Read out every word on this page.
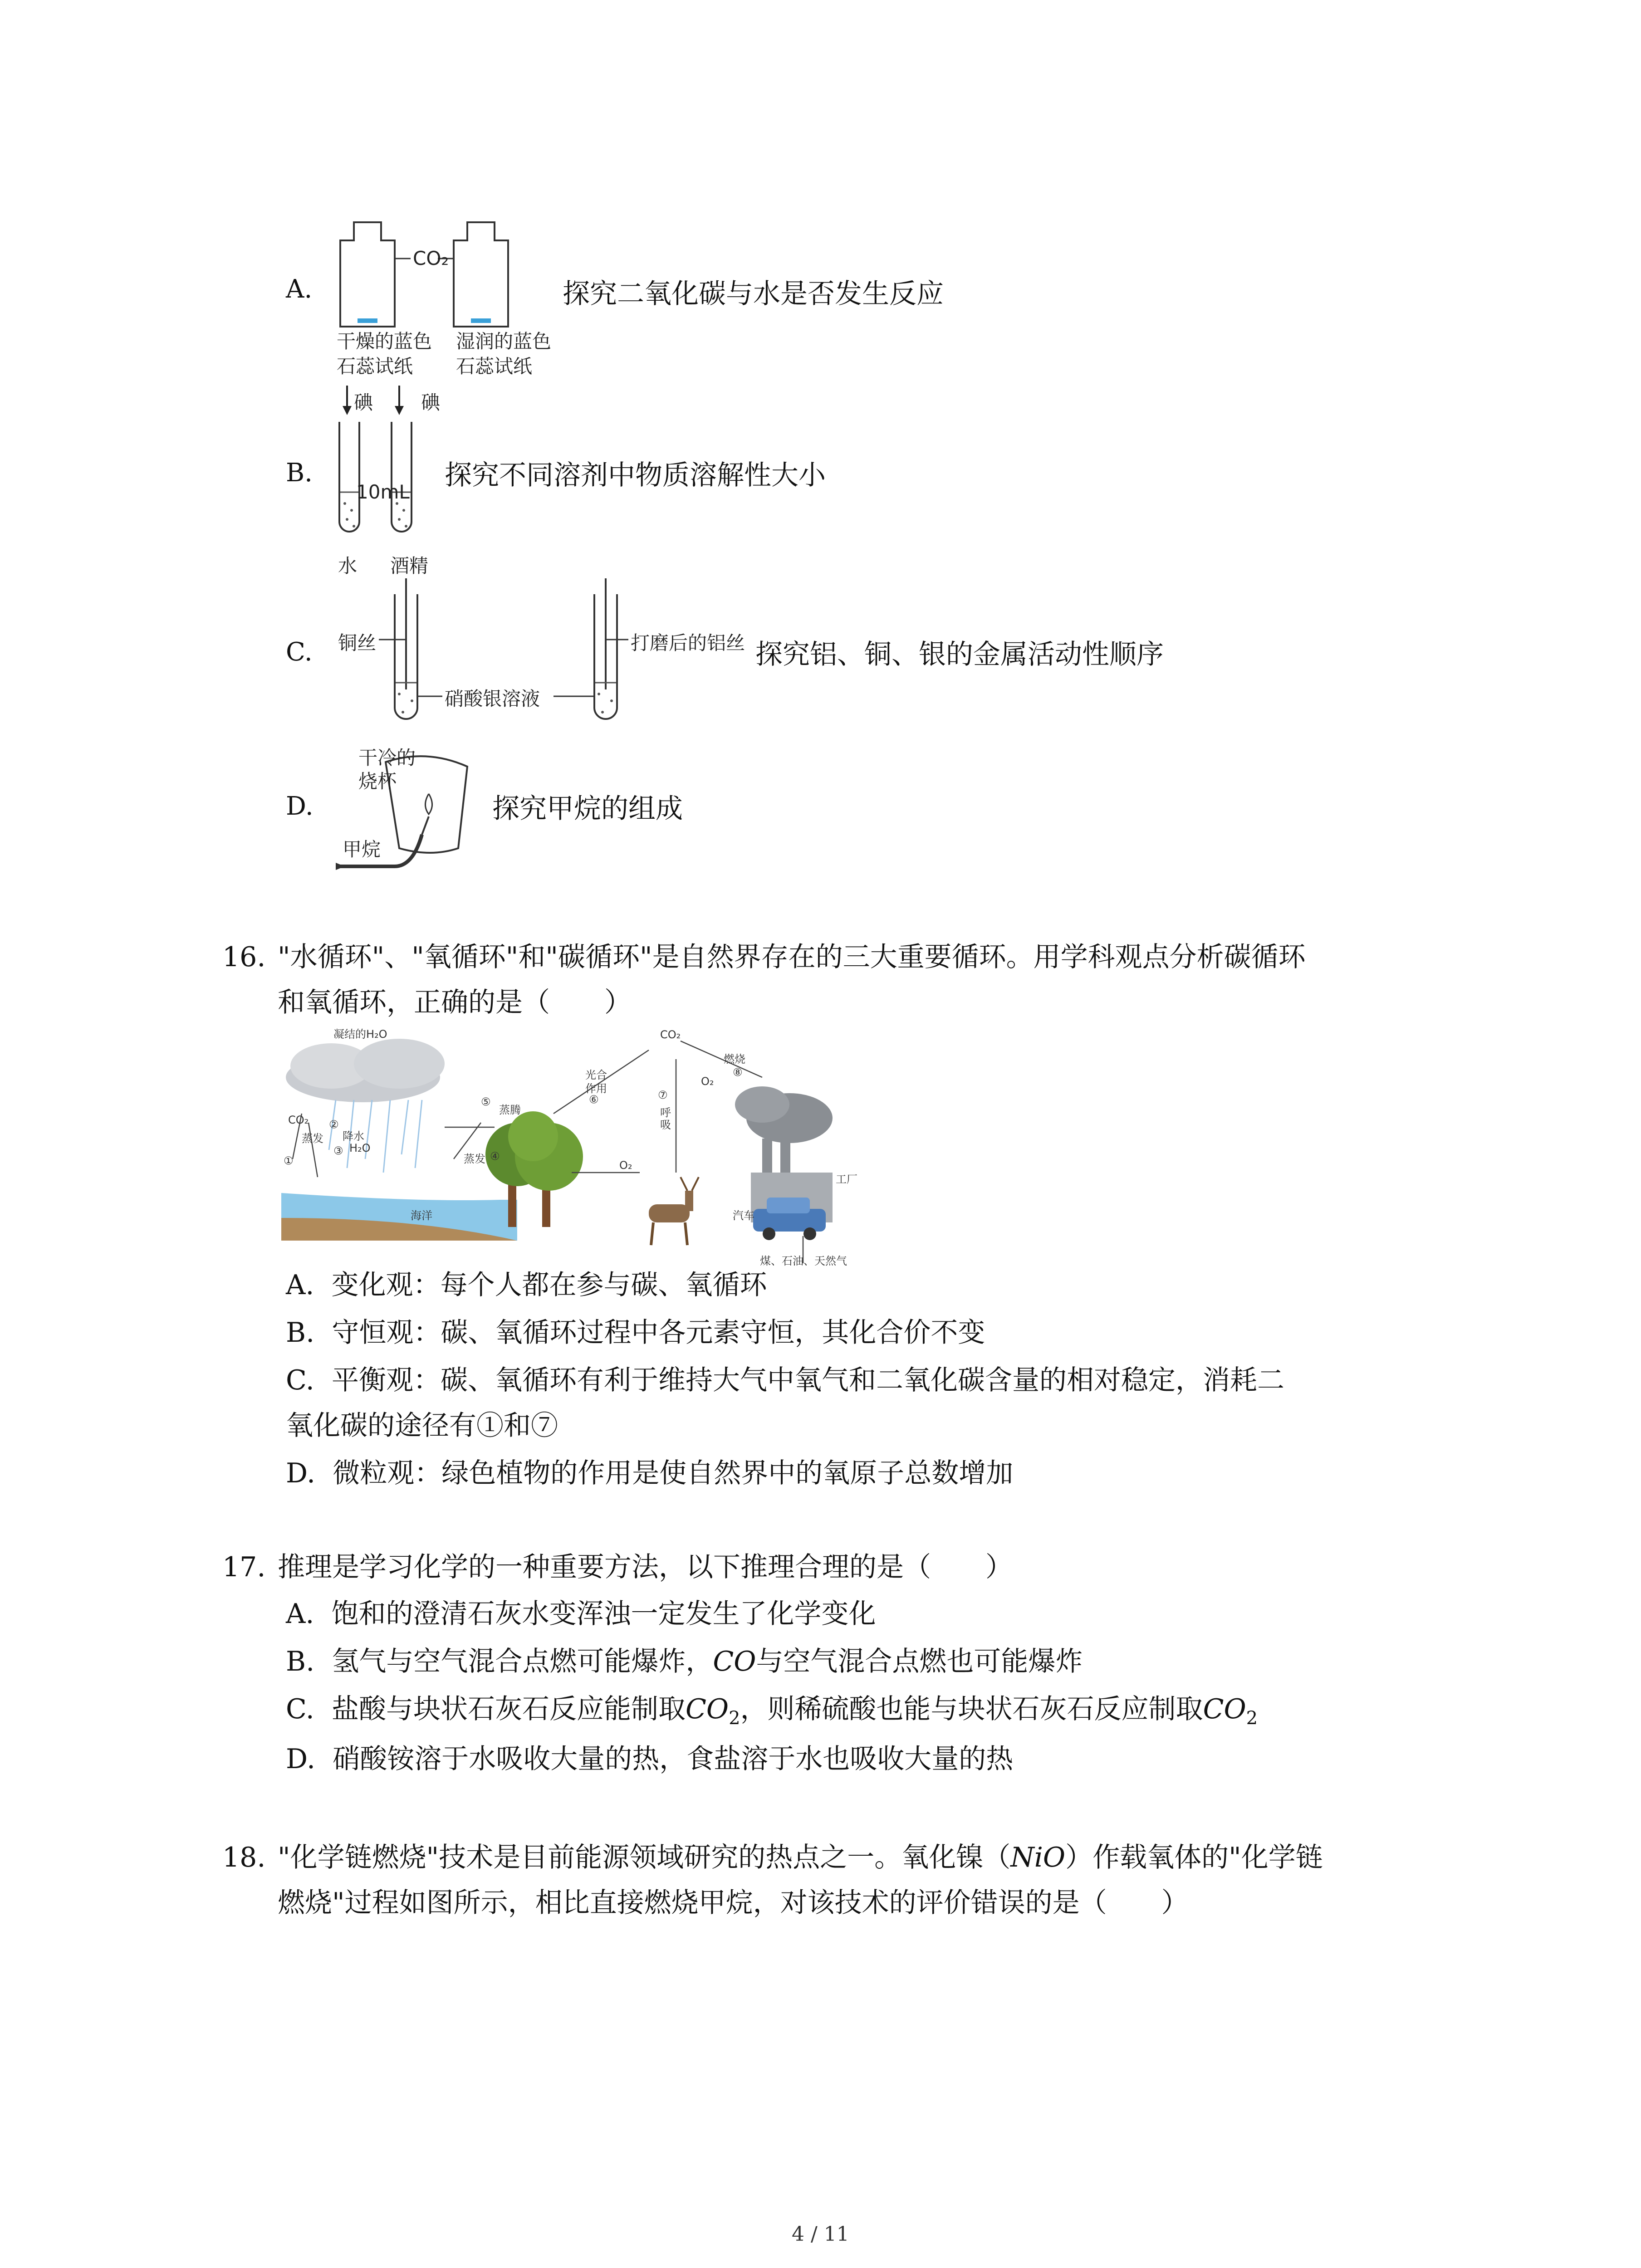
A.
CO₂
干燥的蓝色
石蕊试纸
湿润的蓝色
石蕊试纸
探究二氧化碳与水是否发生反应
B.
碘	碘
10mL
水 酒精
探究不同溶剂中物质溶解性大小
C. 铜丝	打磨后的铝丝
硝酸银溶液
探究铝、铜、银的金属活动性顺序
D.
干冷的
烧杯
甲烷
探究甲烷的组成
16. "水循环"、"氧循环"和"碳循环"是自然界存在的三大重要循环。用学科观点分析碳循环
和氧循环，正确的是（　　）
凝结的H₂O	CO₂
光合
作用
⑥
燃烧
⑧
O₂
⑤
蒸腾
⑦
呼
吸
CO₂ ②
蒸发 降水
H₂O
③
①	蒸发 ④
O₂
工厂
汽车
海洋
煤、石油、天然气
A. 变化观：每个人都在参与碳、氧循环
B. 守恒观：碳、氧循环过程中各元素守恒，其化合价不变
C. 平衡观：碳、氧循环有利于维持大气中氧气和二氧化碳含量的相对稳定，消耗二
氧化碳的途径有①和⑦
D. 微粒观：绿色植物的作用是使自然界中的氧原子总数增加
17. 推理是学习化学的一种重要方法，以下推理合理的是（　　）
A. 饱和的澄清石灰水变浑浊一定发生了化学变化
B. 氢气与空气混合点燃可能爆炸，CO与空气混合点燃也可能爆炸
C. 盐酸与块状石灰石反应能制取$CO_2$，则稀硫酸也能与块状石灰石反应制取$CO_2$
D. 硝酸铵溶于水吸收大量的热，食盐溶于水也吸收大量的热
18. "化学链燃烧"技术是目前能源领域研究的热点之一。氧化镍（NiO）作载氧体的"化学链
燃烧"过程如图所示，相比直接燃烧甲烷，对该技术的评价错误的是（　　）
4 / 11
